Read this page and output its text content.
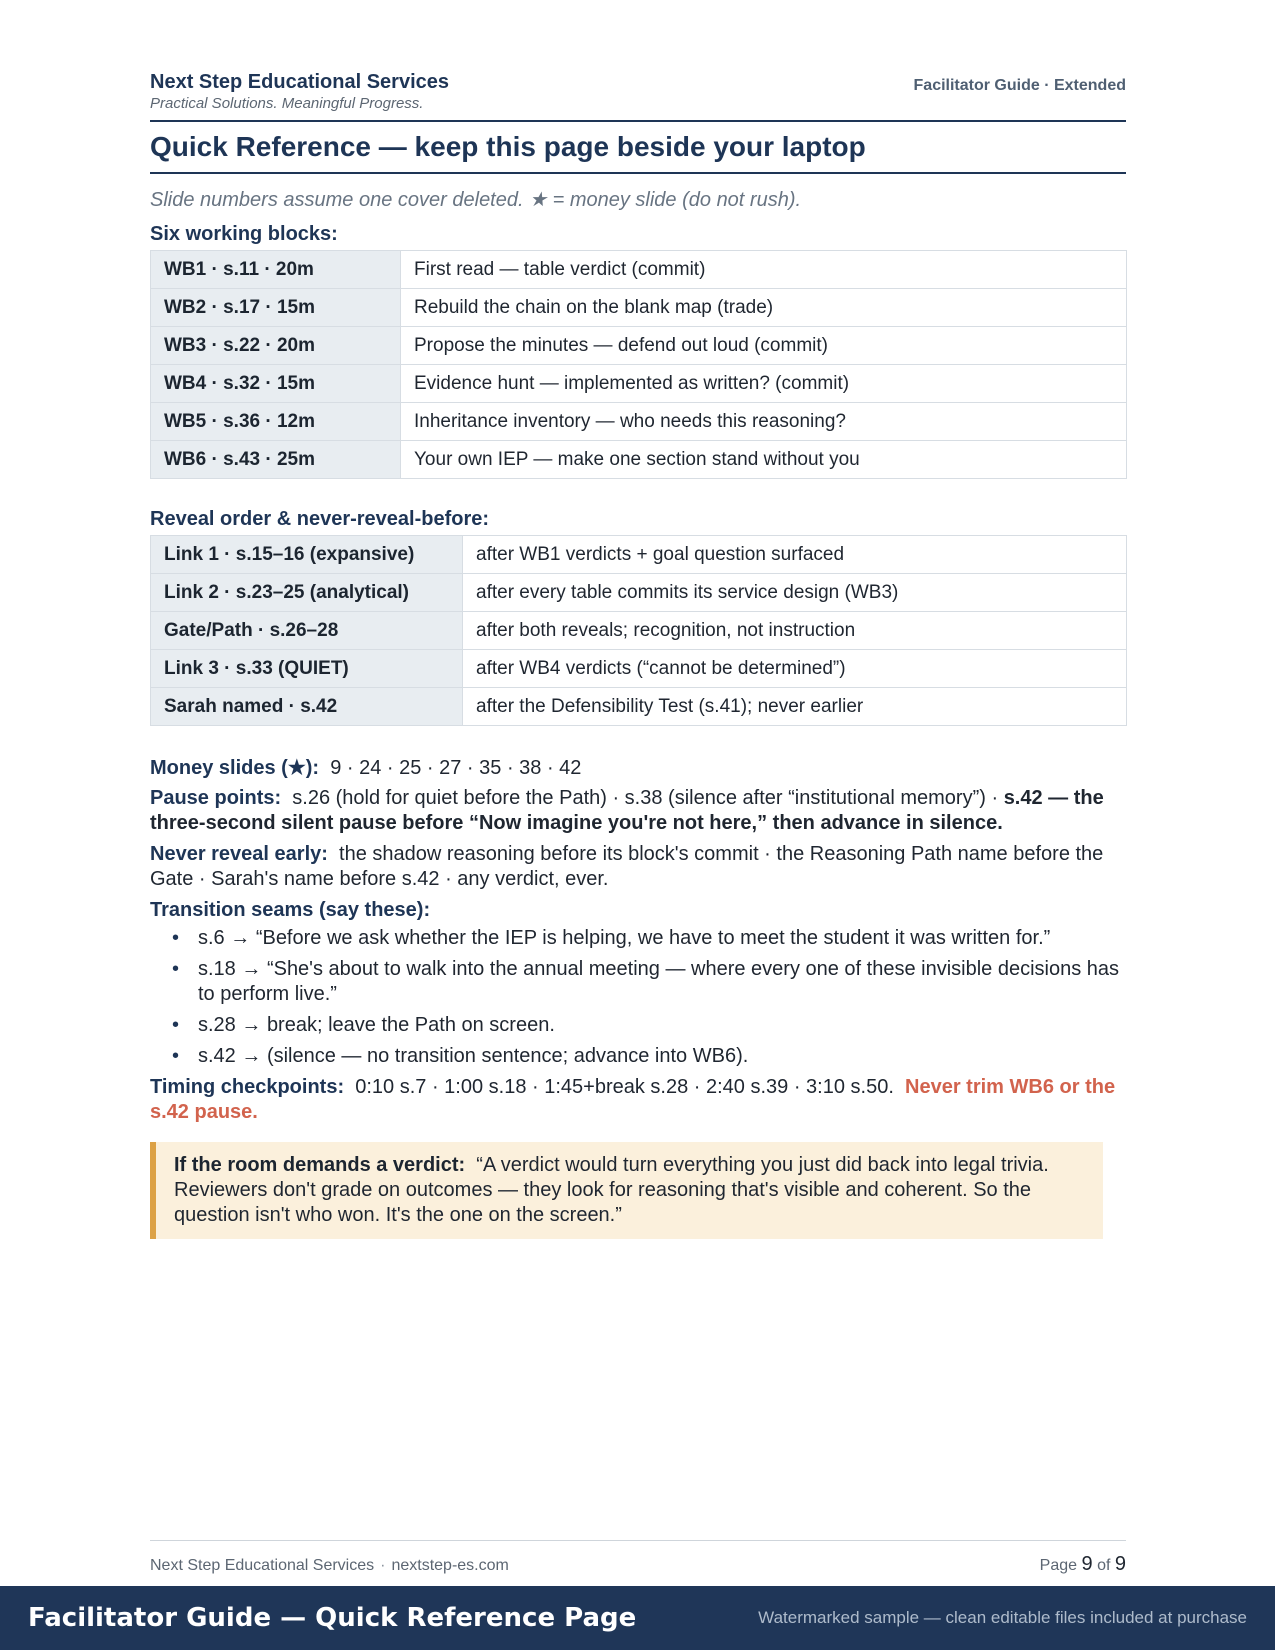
Next Step Educational Services
Practical Solutions. Meaningful Progress.
Facilitator Guide · Extended
Quick Reference — keep this page beside your laptop
Slide numbers assume one cover deleted. ★ = money slide (do not rush).
Six working blocks:
WB1 · s.11 · 20m	First read — table verdict (commit)
WB2 · s.17 · 15m	Rebuild the chain on the blank map (trade)
WB3 · s.22 · 20m	Propose the minutes — defend out loud (commit)
WB4 · s.32 · 15m	Evidence hunt — implemented as written? (commit)
WB5 · s.36 · 12m	Inheritance inventory — who needs this reasoning?
WB6 · s.43 · 25m	Your own IEP — make one section stand without you
Reveal order & never-reveal-before:
Link 1 · s.15–16 (expansive)	after WB1 verdicts + goal question surfaced
Link 2 · s.23–25 (analytical)	after every table commits its service design (WB3)
Gate/Path · s.26–28	after both reveals; recognition, not instruction
Link 3 · s.33 (QUIET)	after WB4 verdicts (“cannot be determined”)
Sarah named · s.42	after the Defensibility Test (s.41); never earlier
Money slides (★): 9 · 24 · 25 · 27 · 35 · 38 · 42
Pause points: s.26 (hold for quiet before the Path) · s.38 (silence after “institutional memory”) · s.42 — the three-second silent pause before “Now imagine you're not here,” then advance in silence.
Never reveal early: the shadow reasoning before its block's commit · the Reasoning Path name before the Gate · Sarah's name before s.42 · any verdict, ever.
Transition seams (say these):
• s.6 → “Before we ask whether the IEP is helping, we have to meet the student it was written for.”
• s.18 → “She's about to walk into the annual meeting — where every one of these invisible decisions has to perform live.”
• s.28 → break; leave the Path on screen.
• s.42 → (silence — no transition sentence; advance into WB6).
Timing checkpoints: 0:10 s.7 · 1:00 s.18 · 1:45+break s.28 · 2:40 s.39 · 3:10 s.50. Never trim WB6 or the s.42 pause.
If the room demands a verdict: “A verdict would turn everything you just did back into legal trivia. Reviewers don't grade on outcomes — they look for reasoning that's visible and coherent. So the question isn't who won. It's the one on the screen.”
Next Step Educational Services · nextstep-es.com	Page 9 of 9
Facilitator Guide — Quick Reference Page	Watermarked sample — clean editable files included at purchase
